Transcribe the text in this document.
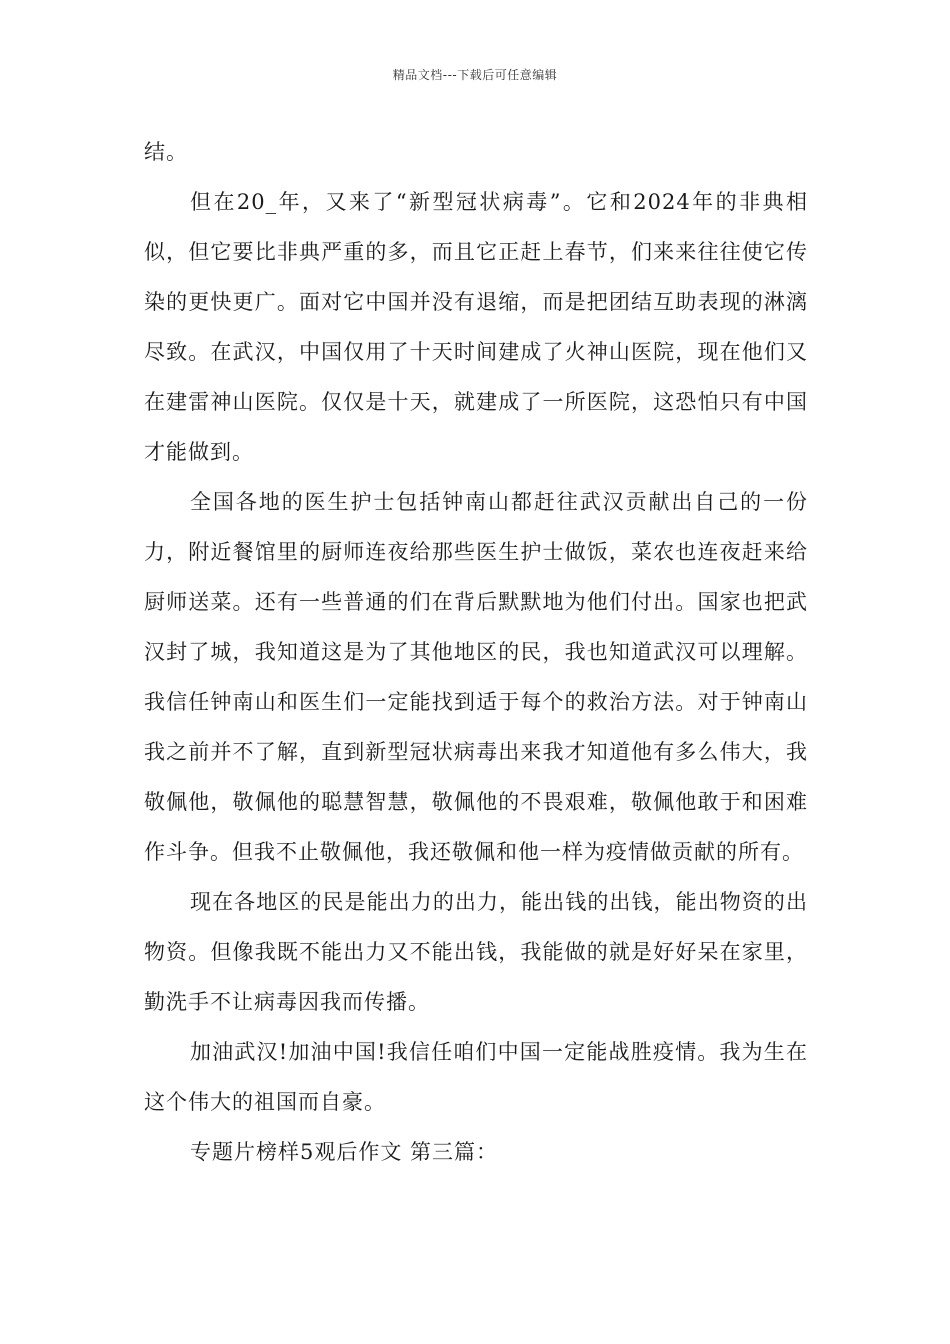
精品文档---下载后可任意编辑

结。

但在20_年，又来了“新型冠状病毒”。它和2024年的非典相似，但它要比非典严重的多，而且它正赶上春节，们来来往往使它传染的更快更广。面对它中国并没有退缩，而是把团结互助表现的淋漓尽致。在武汉，中国仅用了十天时间建成了火神山医院，现在他们又在建雷神山医院。仅仅是十天，就建成了一所医院，这恐怕只有中国才能做到。

全国各地的医生护士包括钟南山都赶往武汉贡献出自己的一份力，附近餐馆里的厨师连夜给那些医生护士做饭，菜农也连夜赶来给厨师送菜。还有一些普通的们在背后默默地为他们付出。国家也把武汉封了城，我知道这是为了其他地区的民，我也知道武汉可以理解。我信任钟南山和医生们一定能找到适于每个的救治方法。对于钟南山我之前并不了解，直到新型冠状病毒出来我才知道他有多么伟大，我敬佩他，敬佩他的聪慧智慧，敬佩他的不畏艰难，敬佩他敢于和困难作斗争。但我不止敬佩他，我还敬佩和他一样为疫情做贡献的所有。

现在各地区的民是能出力的出力，能出钱的出钱，能出物资的出物资。但像我既不能出力又不能出钱，我能做的就是好好呆在家里，勤洗手不让病毒因我而传播。

加油武汉!加油中国!我信任咱们中国一定能战胜疫情。我为生在这个伟大的祖国而自豪。

专题片榜样5观后作文 第三篇：
